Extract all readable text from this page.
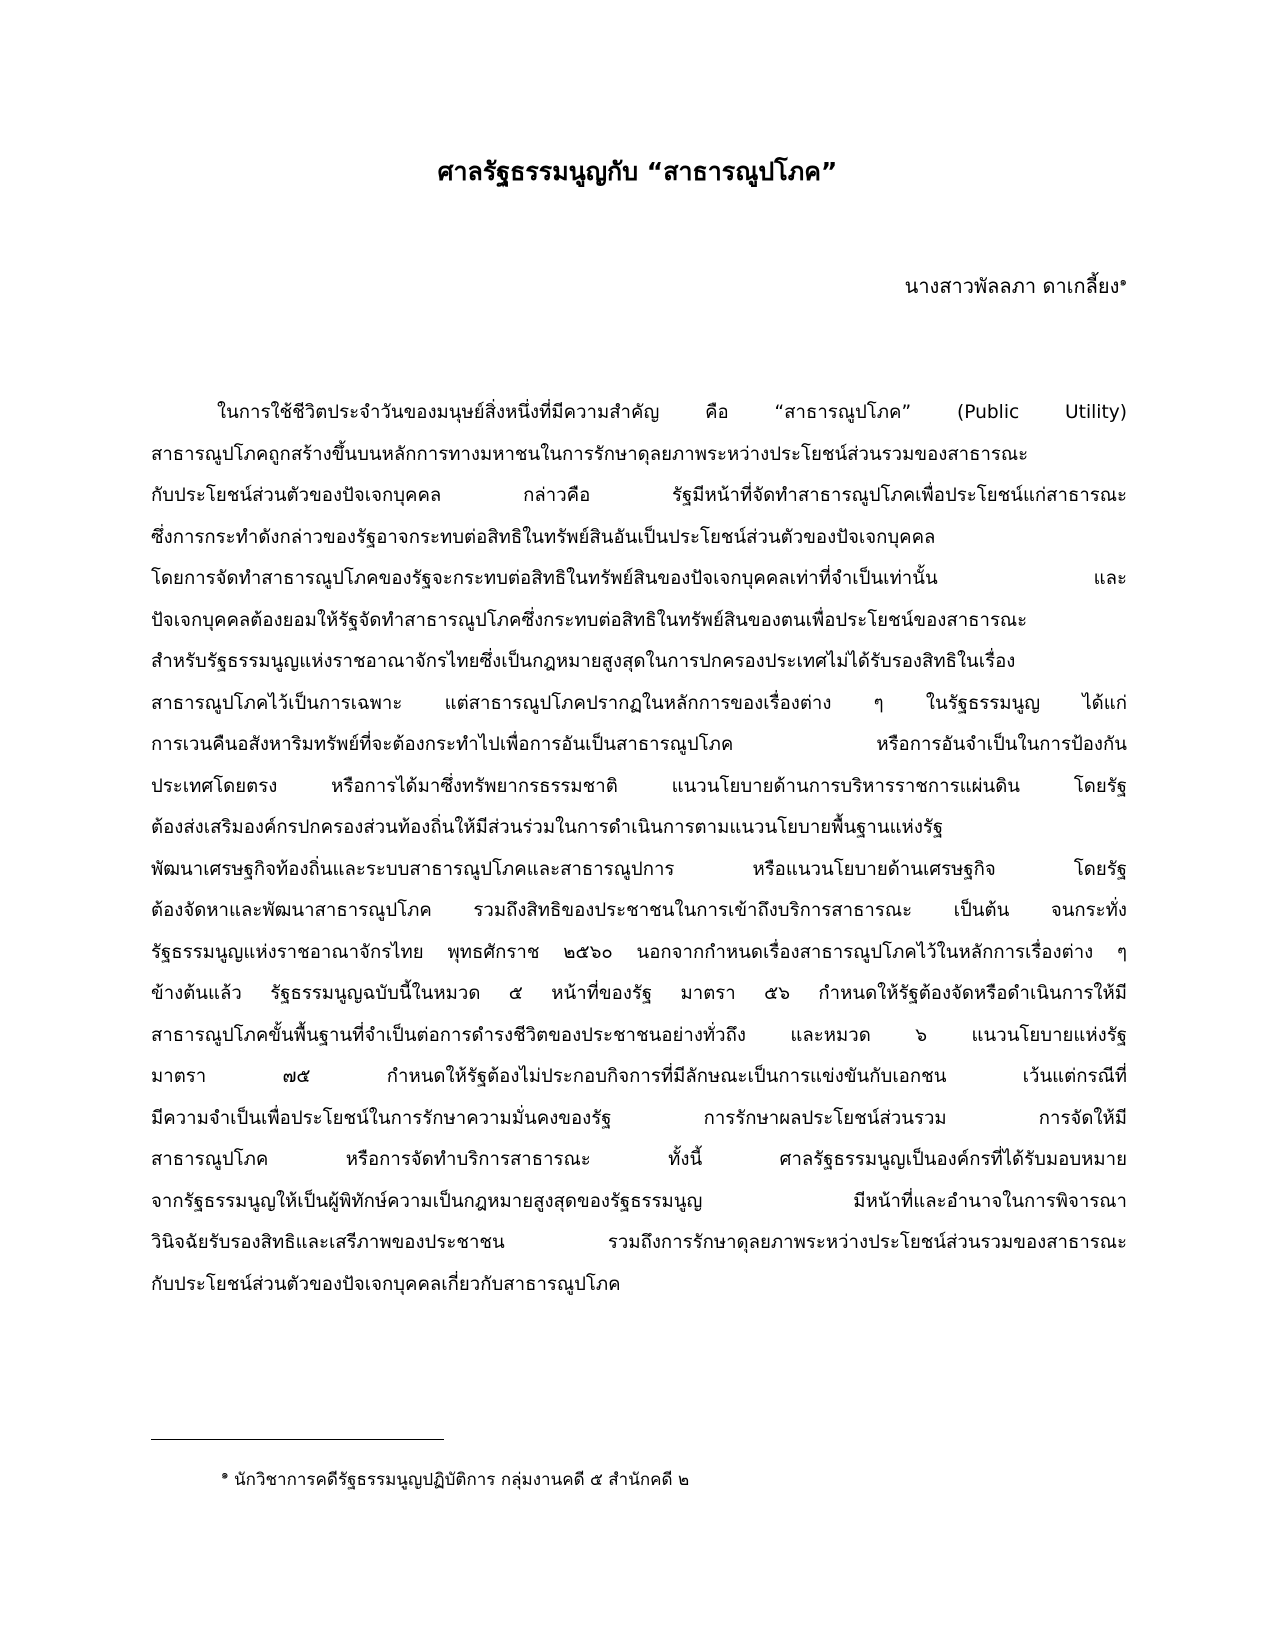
ศาลรัฐธรรมนูญกับ “สาธารณูปโภค”
นางสาวพัลลภา ดาเกลี้ยง$^๑$
ในการใช้ชีวิตประจำวันของมนุษย์สิ่งหนึ่งที่มีความสำคัญ คือ “สาธารณูปโภค” (Public Utility)
สาธารณูปโภคถูกสร้างขึ้นบนหลักการทางมหาชนในการรักษาดุลยภาพระหว่างประโยชน์ส่วนรวมของสาธารณะ
กับประโยชน์ส่วนตัวของปัจเจกบุคคล กล่าวคือ รัฐมีหน้าที่จัดทำสาธารณูปโภคเพื่อประโยชน์แก่สาธารณะ
ซึ่งการกระทำดังกล่าวของรัฐอาจกระทบต่อสิทธิในทรัพย์สินอันเป็นประโยชน์ส่วนตัวของปัจเจกบุคคล
โดยการจัดทำสาธารณูปโภคของรัฐจะกระทบต่อสิทธิในทรัพย์สินของปัจเจกบุคคลเท่าที่จำเป็นเท่านั้น และ
ปัจเจกบุคคลต้องยอมให้รัฐจัดทำสาธารณูปโภคซึ่งกระทบต่อสิทธิในทรัพย์สินของตนเพื่อประโยชน์ของสาธารณะ
สำหรับรัฐธรรมนูญแห่งราชอาณาจักรไทยซึ่งเป็นกฎหมายสูงสุดในการปกครองประเทศไม่ได้รับรองสิทธิในเรื่อง
สาธารณูปโภคไว้เป็นการเฉพาะ แต่สาธารณูปโภคปรากฏในหลักการของเรื่องต่าง ๆ ในรัฐธรรมนูญ ได้แก่
การเวนคืนอสังหาริมทรัพย์ที่จะต้องกระทำไปเพื่อการอันเป็นสาธารณูปโภค หรือการอันจำเป็นในการป้องกัน
ประเทศโดยตรง หรือการได้มาซึ่งทรัพยากรธรรมชาติ แนวนโยบายด้านการบริหารราชการแผ่นดิน โดยรัฐ
ต้องส่งเสริมองค์กรปกครองส่วนท้องถิ่นให้มีส่วนร่วมในการดำเนินการตามแนวนโยบายพื้นฐานแห่งรัฐ
พัฒนาเศรษฐกิจท้องถิ่นและระบบสาธารณูปโภคและสาธารณูปการ หรือแนวนโยบายด้านเศรษฐกิจ โดยรัฐ
ต้องจัดหาและพัฒนาสาธารณูปโภค รวมถึงสิทธิของประชาชนในการเข้าถึงบริการสาธารณะ เป็นต้น จนกระทั่ง
รัฐธรรมนูญแห่งราชอาณาจักรไทย พุทธศักราช ๒๕๖๐ นอกจากกำหนดเรื่องสาธารณูปโภคไว้ในหลักการเรื่องต่าง ๆ
ข้างต้นแล้ว รัฐธรรมนูญฉบับนี้ในหมวด ๕ หน้าที่ของรัฐ มาตรา ๕๖ กำหนดให้รัฐต้องจัดหรือดำเนินการให้มี
สาธารณูปโภคขั้นพื้นฐานที่จำเป็นต่อการดำรงชีวิตของประชาชนอย่างทั่วถึง และหมวด ๖ แนวนโยบายแห่งรัฐ
มาตรา ๗๕ กำหนดให้รัฐต้องไม่ประกอบกิจการที่มีลักษณะเป็นการแข่งขันกับเอกชน เว้นแต่กรณีที่
มีความจำเป็นเพื่อประโยชน์ในการรักษาความมั่นคงของรัฐ การรักษาผลประโยชน์ส่วนรวม การจัดให้มี
สาธารณูปโภค หรือการจัดทำบริการสาธารณะ ทั้งนี้ ศาลรัฐธรรมนูญเป็นองค์กรที่ได้รับมอบหมาย
จากรัฐธรรมนูญให้เป็นผู้พิทักษ์ความเป็นกฎหมายสูงสุดของรัฐธรรมนูญ มีหน้าที่และอำนาจในการพิจารณา
วินิจฉัยรับรองสิทธิและเสรีภาพของประชาชน รวมถึงการรักษาดุลยภาพระหว่างประโยชน์ส่วนรวมของสาธารณะ
กับประโยชน์ส่วนตัวของปัจเจกบุคคลเกี่ยวกับสาธารณูปโภค
$^๑$ นักวิชาการคดีรัฐธรรมนูญปฏิบัติการ กลุ่มงานคดี ๕ สำนักคดี ๒
